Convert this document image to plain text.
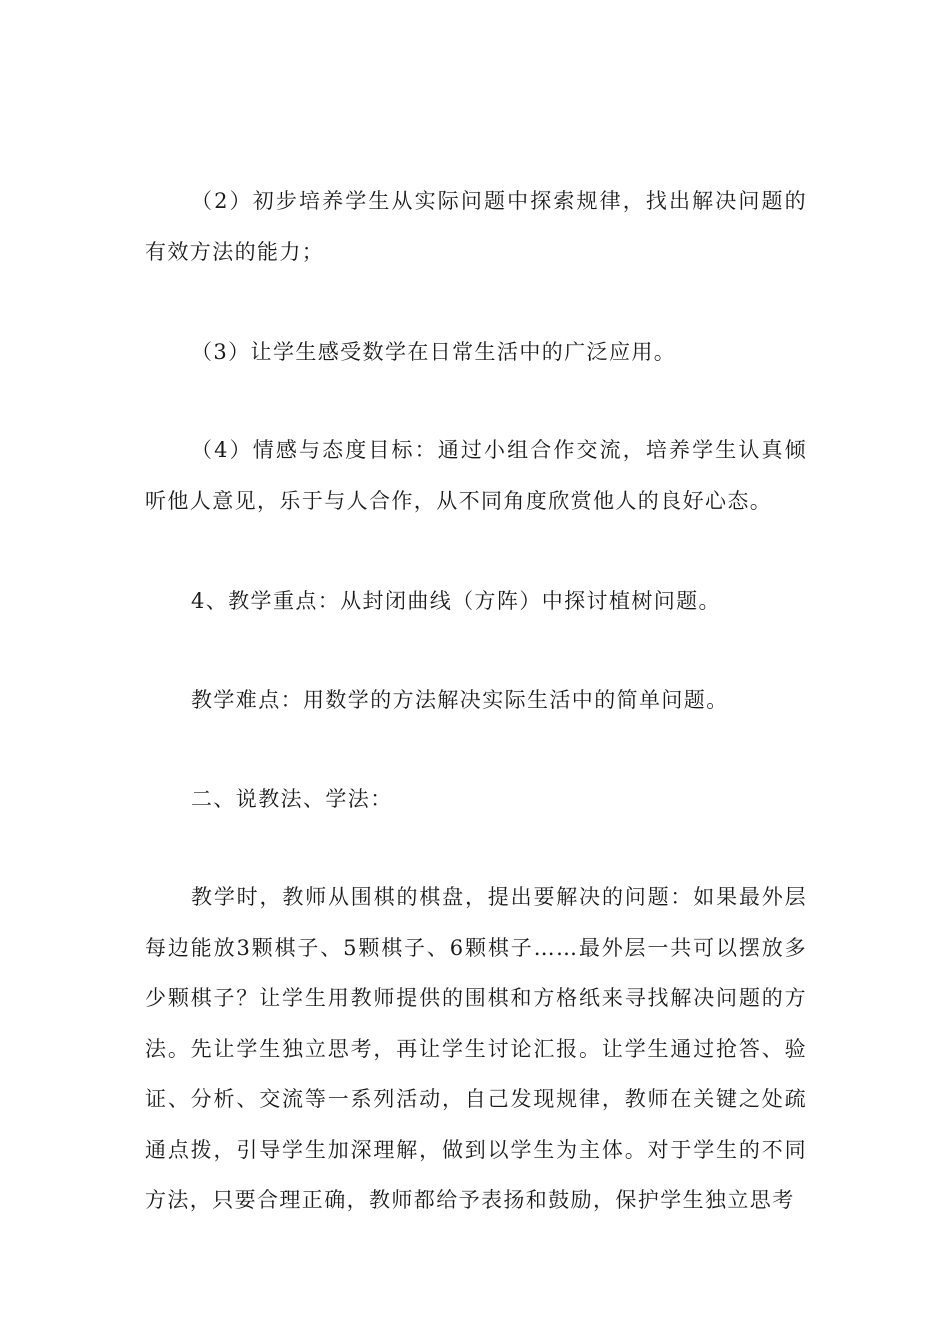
（2）初步培养学生从实际问题中探索规律，找出解决问题的有效方法的能力；

（3）让学生感受数学在日常生活中的广泛应用。

（4）情感与态度目标：通过小组合作交流，培养学生认真倾听他人意见，乐于与人合作，从不同角度欣赏他人的良好心态。

4、教学重点：从封闭曲线（方阵）中探讨植树问题。

教学难点：用数学的方法解决实际生活中的简单问题。

二、说教法、学法：

教学时，教师从围棋的棋盘，提出要解决的问题：如果最外层每边能放3颗棋子、5颗棋子、6颗棋子……最外层一共可以摆放多少颗棋子？让学生用教师提供的围棋和方格纸来寻找解决问题的方法。先让学生独立思考，再让学生讨论汇报。让学生通过抢答、验证、分析、交流等一系列活动，自己发现规律，教师在关键之处疏通点拨，引导学生加深理解，做到以学生为主体。对于学生的不同方法，只要合理正确，教师都给予表扬和鼓励，保护学生独立思考
